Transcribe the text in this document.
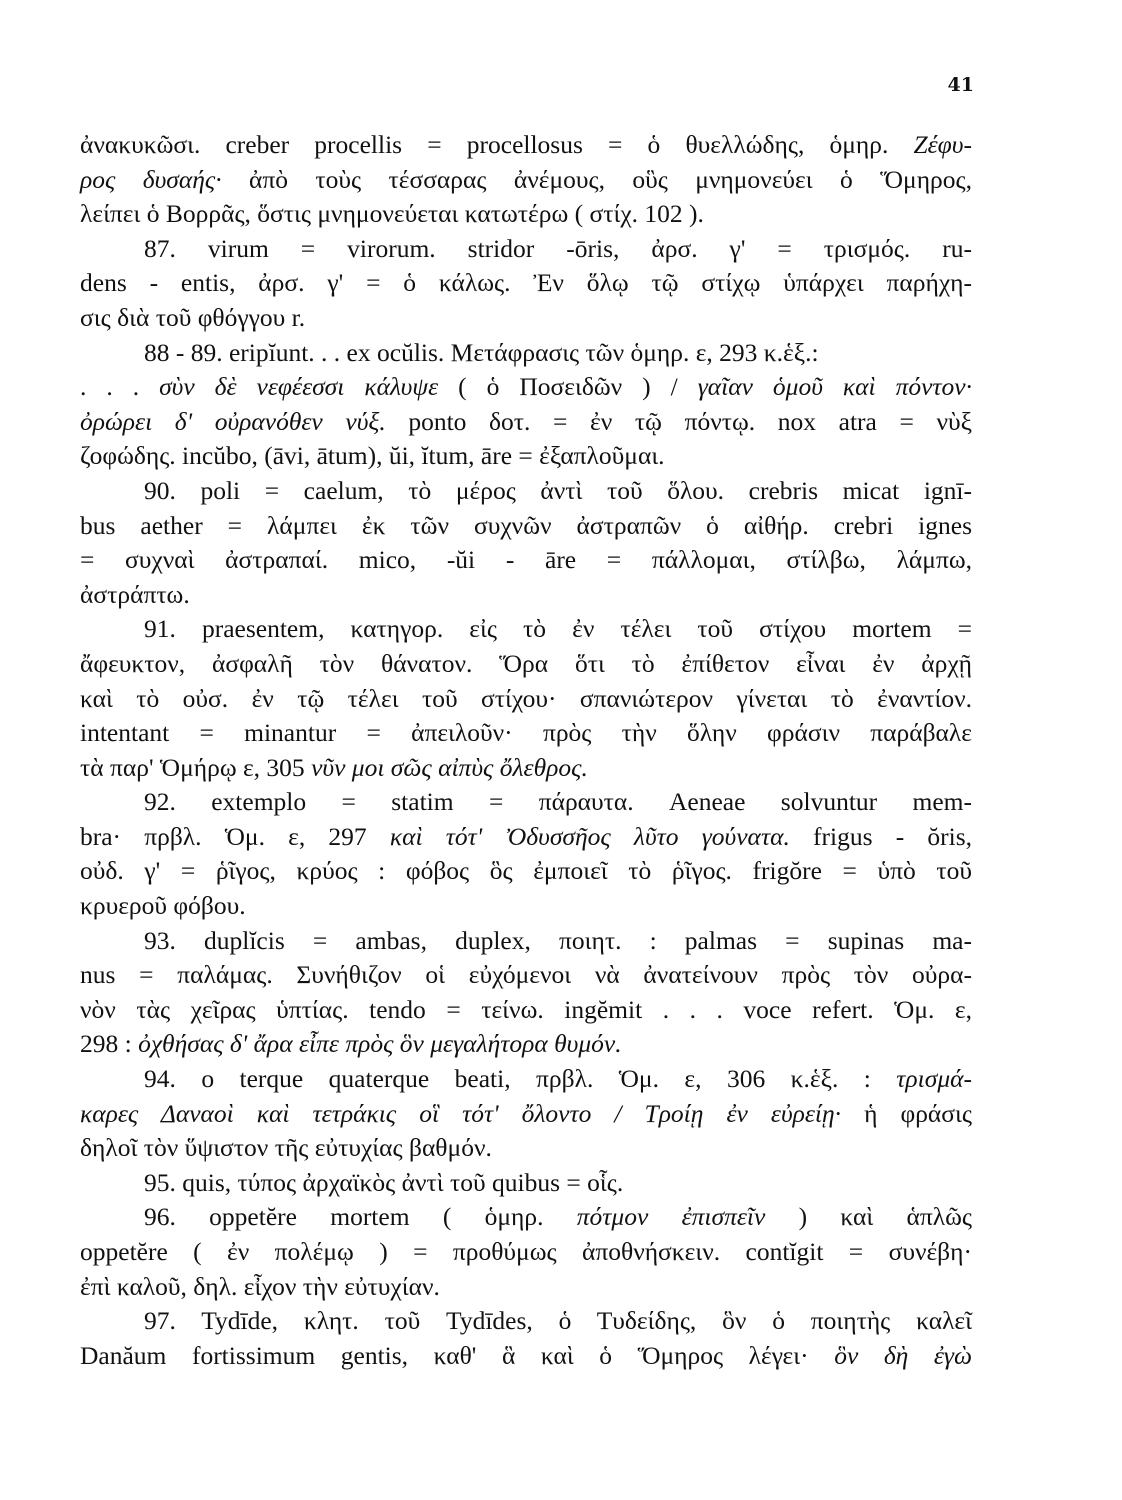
41
ἀνακυκῶσι. creber procellis = procellosus = ὁ θυελλώδης, ὁμηρ. Ζέφυ-
ρος δυσαής· ἀπὸ τοὺς τέσσαρας ἀνέμους, οὓς μνημονεύει ὁ Ὅμηρος,
λείπει ὁ Βορρᾶς, ὅστις μνημονεύεται κατωτέρω ( στίχ. 102 ).
87. virum = virorum. stridor -ōris, ἀρσ. γ' = τρισμός. ru-
dens - entis, ἀρσ. γ' = ὁ κάλως. Ἐν ὅλῳ τῷ στίχῳ ὑπάρχει παρήχη-
σις διὰ τοῦ φθόγγου r.
88 - 89. eripĭunt. . . ex ocŭlis. Μετάφρασις τῶν ὁμηρ. ε, 293 κ.ἑξ.:
. . . σὺν δὲ νεφέεσσι κάλυψε ( ὁ Ποσειδῶν ) / γαῖαν ὁμοῦ καὶ πόντον·
ὀρώρει δ' οὐρανόθεν νύξ. ponto δοτ. = ἐν τῷ πόντῳ. nox atra = νὺξ
ζοφώδης. incŭbo, (āvi, ātum), ŭi, ĭtum, āre = ἐξαπλοῦμαι.
90. poli = caelum, τὸ μέρος ἀντὶ τοῦ ὅλου. crebris micat ignī-
bus aether = λάμπει ἐκ τῶν συχνῶν ἀστραπῶν ὁ αἰθήρ. crebri ignes
= συχναὶ ἀστραπαί. mico, -ŭi - āre = πάλλομαι, στίλβω, λάμπω,
ἀστράπτω.
91. praesentem, κατηγορ. εἰς τὸ ἐν τέλει τοῦ στίχου mortem =
ἄφευκτον, ἀσφαλῆ τὸν θάνατον. Ὅρα ὅτι τὸ ἐπίθετον εἶναι ἐν ἀρχῇ
καὶ τὸ οὐσ. ἐν τῷ τέλει τοῦ στίχου· σπανιώτερον γίνεται τὸ ἐναντίον.
intentant = minantur = ἀπειλοῦν· πρὸς τὴν ὅλην φράσιν παράβαλε
τὰ παρ' Ὁμήρῳ ε, 305 νῦν μοι σῶς αἰπὺς ὄλεθρος.
92. extemplo = statim = πάραυτα. Aeneae solvuntur mem-
bra· πρβλ. Ὁμ. ε, 297 καὶ τότ' Ὀδυσσῆος λῦτο γούνατα. frigus - ŏris,
οὐδ. γ' = ῥῖγος, κρύος : φόβος ὃς ἐμποιεῖ τὸ ῥῖγος. frigŏre = ὑπὸ τοῦ
κρυεροῦ φόβου.
93. duplĭcis = ambas, duplex, ποιητ. : palmas = supinas ma-
nus = παλάμας. Συνήθιζον οἱ εὐχόμενοι νὰ ἀνατείνουν πρὸς τὸν οὐρα-
νὸν τὰς χεῖρας ὑπτίας. tendo = τείνω. ingĕmit . . . voce refert. Ὁμ. ε,
298 : ὀχθήσας δ' ἄρα εἶπε πρὸς ὃν μεγαλήτορα θυμόν.
94. o terque quaterque beati, πρβλ. Ὁμ. ε, 306 κ.ἑξ. : τρισμά-
καρες Δαναοὶ καὶ τετράκις οἳ τότ' ὄλοντο / Τροίῃ ἐν εὐρείῃ· ἡ φράσις
δηλοῖ τὸν ὕψιστον τῆς εὐτυχίας βαθμόν.
95. quis, τύπος ἀρχαϊκὸς ἀντὶ τοῦ quibus = οἷς.
96. oppetĕre mortem ( ὁμηρ. πότμον ἐπισπεῖν ) καὶ ἁπλῶς
oppetĕre ( ἐν πολέμῳ ) = προθύμως ἀποθνήσκειν. contĭgit = συνέβη·
ἐπὶ καλοῦ, δηλ. εἶχον τὴν εὐτυχίαν.
97. Tydīde, κλητ. τοῦ Tydīdes, ὁ Τυδείδης, ὃν ὁ ποιητὴς καλεῖ
Danăum fortissimum gentis, καθ' ἃ καὶ ὁ Ὅμηρος λέγει· ὃν δὴ ἐγὼ
